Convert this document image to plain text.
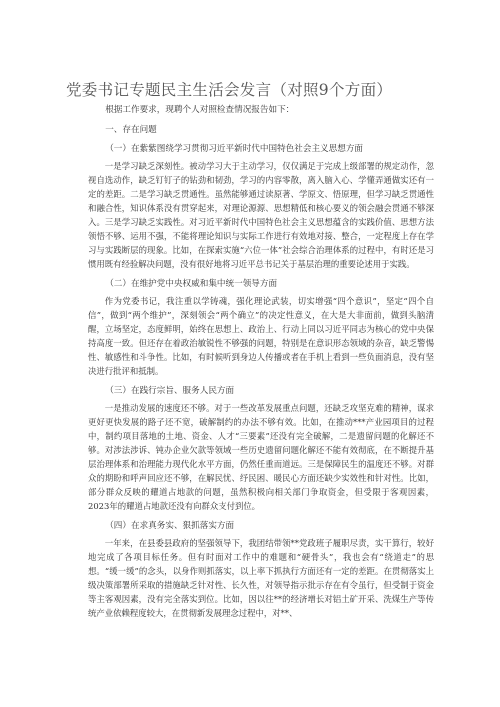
党委书记专题民主生活会发言（对照9个方面）

根据工作要求，现聘个人对照检查情况报告如下：

一、存在问题

（一）在紫紫图绕学习贯彻习近平新时代中国特色社会主义思想方面

一是学习缺乏深刻性。被动学习大于主动学习，仅仅满足于完成上级部署的规定动作，忽视自选动作，缺乏钉钉子的钻劲和韧劲，学习的内容零散，离入脑入心、学懂弄通做实还有一定的差距。二是学习缺乏贯通性。虽然能够通过读原著、学原文、悟原理，但学习缺乏贯通性和融合性，知识体系没有贯穿起来，对理论源源、思想精低和核心要义的领会融会贯通不够深入。三是学习缺乏实践性。对习近平新时代中国特色社会主义思想蕴含的实践价值、思想方法领悟不够、运用不强，不能将理论知识与实际工作进行有效地对接、整合，一定程度上存在学习与实践断层的现象。比如，在探索实施“六位一体”社会综合治理体系的过程中，有时还是习惯用既有经验解决问题，没有很好地将习近平总书记关于基层治理的重要论述用于实践。

（二）在维护党中央权威和集中统一领导方面

作为党委书记，我注重以学铸魂，强化理论武装，切实增强“四个意识”，坚定“四个自信”，做到“两个维护”，深刻领会“两个确立”的决定性意义，在大是大非面前，做到头脑清醒，立场坚定，态度鲜明，始终在思想上、政治上、行动上同以习近平同志为核心的党中央保持高度一致。但还存在着政治敏锐性不够强的问题，特别是在意识形态领域的杂音，缺乏警惕性、敏感性和斗争性。比如，有时候听到身边人传播或者在手机上看到一些负面消息，没有坚决进行批评和抵制。

（三）在践行宗旨、服务人民方面

一是推动发展的速度还不够。对于一些改革发展重点问题，还缺乏攻坚克难的精神，谋求更好更快发展的路子还不宽，破解制约的办法不够有效。比如，在推动***产业园项目的过程中，制约项目落地的土地、资金、人才“三要素”还没有完全破解，二是遗留问题的化解还不够。对涉法涉诉、钝办企业欠款等领域一些历史遗留问题化解还不能有效彻底，在不断提升基层治理体系和治理能力现代化水平方面，仍然任重而道远。三是保障民生的温度还不够。对群众的期盼和呼声回应还不够，在解民忧、纾民困、暖民心方面还缺少实效性和针对性。比如，部分群众反映的耀道占地款的问题，虽然积极向相关部门争取资金，但受限于客观因素，2023年的耀道占地款还没有向群众支付到位。

（四）在求真务实、狠抓落实方面

一年来，在县委县政府的坚强领导下，我团结带领**党政班子履职尽责，实干算行，较好地完成了各项目标任务。但有时面对工作中的难题和“硬骨头”，我也会有“绕道走”的思想。“缓一缓”的念头，以身作则抓落实，以上率下抓执行方面还有一定的差距。在贯彻落实上级决策部署所采取的措施缺乏针对性、长久性，对领导指示批示存在有令虽行，但受制于资金等主客观因素，没有完全落实到位。比如，因以往**的经济增长对铝土矿开采、洗煤生产等传统产业依赖程度较大，在贯彻新发展理念过程中，对**、
